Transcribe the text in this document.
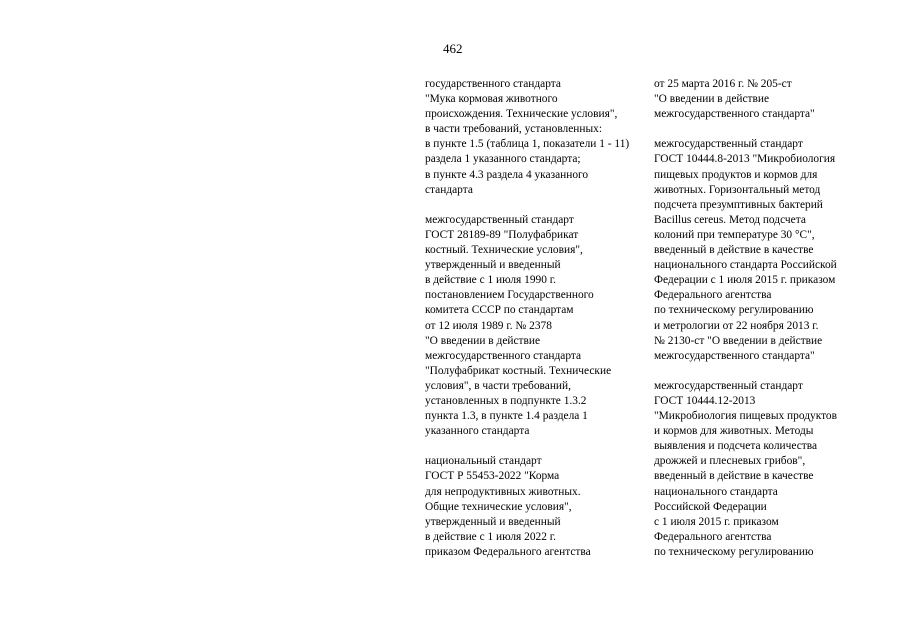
462
государственного стандарта
"Мука кормовая животного
происхождения. Технические условия",
в части требований, установленных:
в пункте 1.5 (таблица 1, показатели 1 - 11)
раздела 1 указанного стандарта;
в пункте 4.3 раздела 4 указанного
стандарта
межгосударственный стандарт
ГОСТ 28189-89 "Полуфабрикат
костный. Технические условия",
утвержденный и введенный
в действие с 1 июля 1990 г.
постановлением Государственного
комитета СССР по стандартам
от 12 июля 1989 г. № 2378
"О введении в действие
межгосударственного стандарта
"Полуфабрикат костный. Технические
условия", в части требований,
установленных в подпункте 1.3.2
пункта 1.3, в пункте 1.4 раздела 1
указанного стандарта
национальный стандарт
ГОСТ Р 55453-2022 "Корма
для непродуктивных животных.
Общие технические условия",
утвержденный и введенный
в действие с 1 июля 2022 г.
приказом Федерального агентства
от 25 марта 2016 г. № 205-ст
"О введении в действие
межгосударственного стандарта"
межгосударственный стандарт
ГОСТ 10444.8-2013 "Микробиология
пищевых продуктов и кормов для
животных. Горизонтальный метод
подсчета презумптивных бактерий
Bacillus cereus. Метод подсчета
колоний при температуре 30 °С",
введенный в действие в качестве
национального стандарта Российской
Федерации с 1 июля 2015 г. приказом
Федерального агентства
по техническому регулированию
и метрологии от 22 ноября 2013 г.
№ 2130-ст "О введении в действие
межгосударственного стандарта"
межгосударственный стандарт
ГОСТ 10444.12-2013
"Микробиология пищевых продуктов
и кормов для животных. Методы
выявления и подсчета количества
дрожжей и плесневых грибов",
введенный в действие в качестве
национального стандарта
Российской Федерации
с 1 июля 2015 г. приказом
Федерального агентства
по техническому регулированию
